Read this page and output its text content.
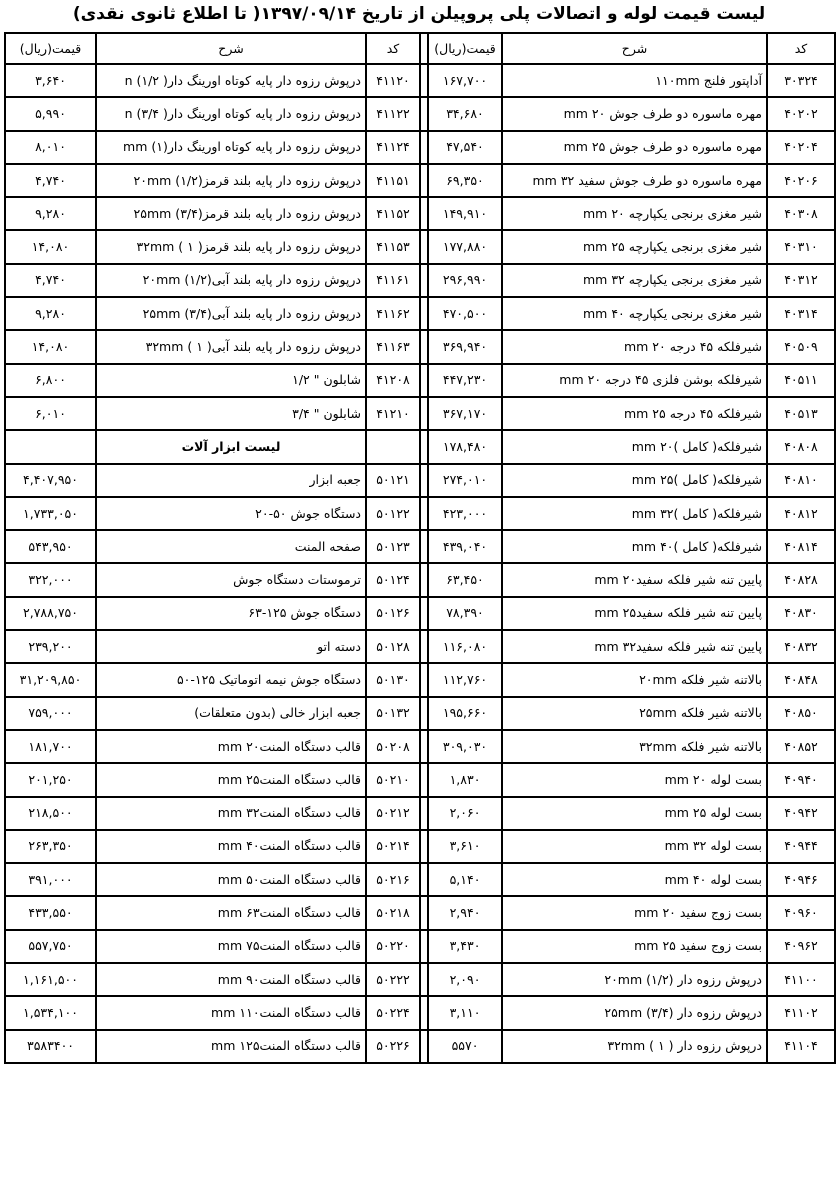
لیست قیمت لوله و اتصالات پلی پروپیلن از تاریخ ۱۳۹۷/۰۹/۱۴( تا اطلاع ثانوی نقدی)
قیمت(ریال)	شرح	کد		قیمت(ریال)	شرح	کد
۳,۶۴۰	درپوش رزوه دار پایه کوتاه اورینگ دار( ۱/۲) n	۴۱۱۲۰		۱۶۷,۷۰۰	آداپتور فلنج ۱۱۰mm	۳۰۳۲۴
۵,۹۹۰	درپوش رزوه دار پایه کوتاه اورینگ دار( ۳/۴) n	۴۱۱۲۲		۳۴,۶۸۰	مهره ماسوره دو طرف جوش ۲۰ mm	۴۰۲۰۲
۸,۰۱۰	درپوش رزوه دار پایه کوتاه اورینگ دار(۱) mm	۴۱۱۲۴		۴۷,۵۴۰	مهره ماسوره دو طرف جوش ۲۵ mm	۴۰۲۰۴
۴,۷۴۰	درپوش رزوه دار پایه بلند قرمز(۱/۲) ۲۰mm	۴۱۱۵۱		۶۹,۳۵۰	مهره ماسوره دو طرف جوش سفید ۳۲ mm	۴۰۲۰۶
۹,۲۸۰	درپوش رزوه دار پایه بلند قرمز(۳/۴) ۲۵mm	۴۱۱۵۲		۱۴۹,۹۱۰	شیر مغزی برنجی یکپارچه ۲۰ mm	۴۰۳۰۸
۱۴,۰۸۰	درپوش رزوه دار پایه بلند قرمز( ۱ ) ۳۲mm	۴۱۱۵۳		۱۷۷,۸۸۰	شیر مغزی برنجی یکپارچه ۲۵ mm	۴۰۳۱۰
۴,۷۴۰	درپوش رزوه دار پایه بلند آبی(۱/۲) ۲۰mm	۴۱۱۶۱		۲۹۶,۹۹۰	شیر مغزی برنجی یکپارچه ۳۲ mm	۴۰۳۱۲
۹,۲۸۰	درپوش رزوه دار پایه بلند آبی(۳/۴) ۲۵mm	۴۱۱۶۲		۴۷۰,۵۰۰	شیر مغزی برنجی یکپارچه ۴۰ mm	۴۰۳۱۴
۱۴,۰۸۰	درپوش رزوه دار پایه بلند آبی( ۱ ) ۳۲mm	۴۱۱۶۳		۳۶۹,۹۴۰	شیرفلکه ۴۵ درجه ۲۰ mm	۴۰۵۰۹
۶,۸۰۰	شابلون " ۱/۲	۴۱۲۰۸		۴۴۷,۲۳۰	شیرفلکه بوشن فلزی ۴۵ درجه ۲۰ mm	۴۰۵۱۱
۶,۰۱۰	شابلون " ۳/۴	۴۱۲۱۰		۳۶۷,۱۷۰	شیرفلکه ۴۵ درجه ۲۵ mm	۴۰۵۱۳
	لیست ابزار آلات			۱۷۸,۴۸۰	شیرفلکه( کامل )۲۰ mm	۴۰۸۰۸
۴,۴۰۷,۹۵۰	جعبه ابزار	۵۰۱۲۱		۲۷۴,۰۱۰	شیرفلکه( کامل )۲۵ mm	۴۰۸۱۰
۱,۷۳۳,۰۵۰	دستگاه جوش ۵۰-۲۰	۵۰۱۲۲		۴۲۳,۰۰۰	شیرفلکه( کامل )۳۲ mm	۴۰۸۱۲
۵۴۳,۹۵۰	صفحه المنت	۵۰۱۲۳		۴۳۹,۰۴۰	شیرفلکه( کامل )۴۰ mm	۴۰۸۱۴
۳۲۲,۰۰۰	ترموستات دستگاه جوش	۵۰۱۲۴		۶۳,۴۵۰	پایین تنه شیر فلکه سفید۲۰ mm	۴۰۸۲۸
۲,۷۸۸,۷۵۰	دستگاه جوش ۱۲۵-۶۳	۵۰۱۲۶		۷۸,۳۹۰	پایین تنه شیر فلکه سفید۲۵ mm	۴۰۸۳۰
۲۳۹,۲۰۰	دسته اتو	۵۰۱۲۸		۱۱۶,۰۸۰	پایین تنه شیر فلکه سفید۳۲ mm	۴۰۸۳۲
۳۱,۲۰۹,۸۵۰	دستگاه جوش نیمه اتوماتیک ۱۲۵-۵۰	۵۰۱۳۰		۱۱۲,۷۶۰	بالاتنه شیر فلکه ۲۰mm	۴۰۸۴۸
۷۵۹,۰۰۰	جعبه ابزار خالی (بدون متعلقات)	۵۰۱۳۲		۱۹۵,۶۶۰	بالاتنه شیر فلکه ۲۵mm	۴۰۸۵۰
۱۸۱,۷۰۰	قالب دستگاه المنت۲۰ mm	۵۰۲۰۸		۳۰۹,۰۳۰	بالاتنه شیر فلکه ۳۲mm	۴۰۸۵۲
۲۰۱,۲۵۰	قالب دستگاه المنت۲۵ mm	۵۰۲۱۰		۱,۸۳۰	بست لوله ۲۰ mm	۴۰۹۴۰
۲۱۸,۵۰۰	قالب دستگاه المنت۳۲ mm	۵۰۲۱۲		۲,۰۶۰	بست لوله ۲۵ mm	۴۰۹۴۲
۲۶۳,۳۵۰	قالب دستگاه المنت۴۰ mm	۵۰۲۱۴		۳,۶۱۰	بست لوله ۳۲ mm	۴۰۹۴۴
۳۹۱,۰۰۰	قالب دستگاه المنت۵۰ mm	۵۰۲۱۶		۵,۱۴۰	بست لوله ۴۰ mm	۴۰۹۴۶
۴۳۳,۵۵۰	قالب دستگاه المنت۶۳ mm	۵۰۲۱۸		۲,۹۴۰	بست زوج سفید ۲۰ mm	۴۰۹۶۰
۵۵۷,۷۵۰	قالب دستگاه المنت۷۵ mm	۵۰۲۲۰		۳,۴۳۰	بست زوج سفید ۲۵ mm	۴۰۹۶۲
۱,۱۶۱,۵۰۰	قالب دستگاه المنت۹۰ mm	۵۰۲۲۲		۲,۰۹۰	درپوش رزوه دار (۱/۲) ۲۰mm	۴۱۱۰۰
۱,۵۳۴,۱۰۰	قالب دستگاه المنت۱۱۰ mm	۵۰۲۲۴		۳,۱۱۰	درپوش رزوه دار (۳/۴) ۲۵mm	۴۱۱۰۲
۳۵۸۳۴۰۰	قالب دستگاه المنت۱۲۵ mm	۵۰۲۲۶		۵۵۷۰	درپوش رزوه دار ( ۱ ) ۳۲mm	۴۱۱۰۴
